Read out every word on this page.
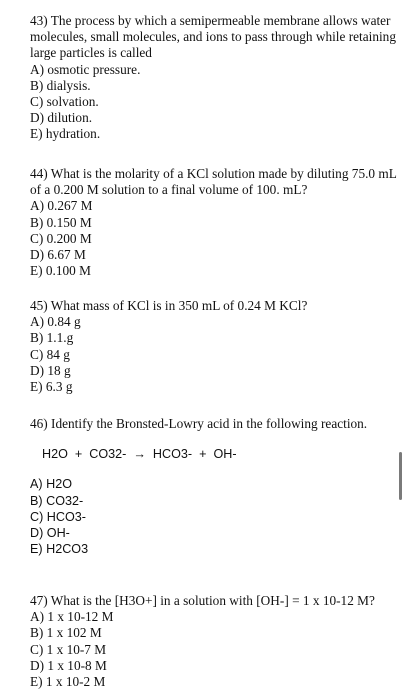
43) The process by which a semipermeable membrane allows water molecules, small molecules, and ions to pass through while retaining large particles is called

A) osmotic pressure.
B) dialysis.
C) solvation.
D) dilution.
E) hydration.

44) What is the molarity of a KCl solution made by diluting 75.0 mL of a 0.200 M solution to a final volume of 100. mL?

A) 0.267 M
B) 0.150 M
C) 0.200 M
D) 6.67 M
E) 0.100 M

45) What mass of KCl is in 350 mL of 0.24 M KCl?

A) 0.84 g
B) 1.1.g
C) 84 g
D) 18 g
E) 6.3 g

46) Identify the Bronsted-Lowry acid in the following reaction.

H2O  +  CO32-  →  HCO3-  +  OH-

A) H2O
B) CO32-
C) HCO3-
D) OH-
E) H2CO3

47) What is the [H3O+] in a solution with [OH-] = 1 x 10-12 M?

A) 1 x 10-12 M
B) 1 x 102 M
C) 1 x 10-7 M
D) 1 x 10-8 M
E) 1 x 10-2 M
